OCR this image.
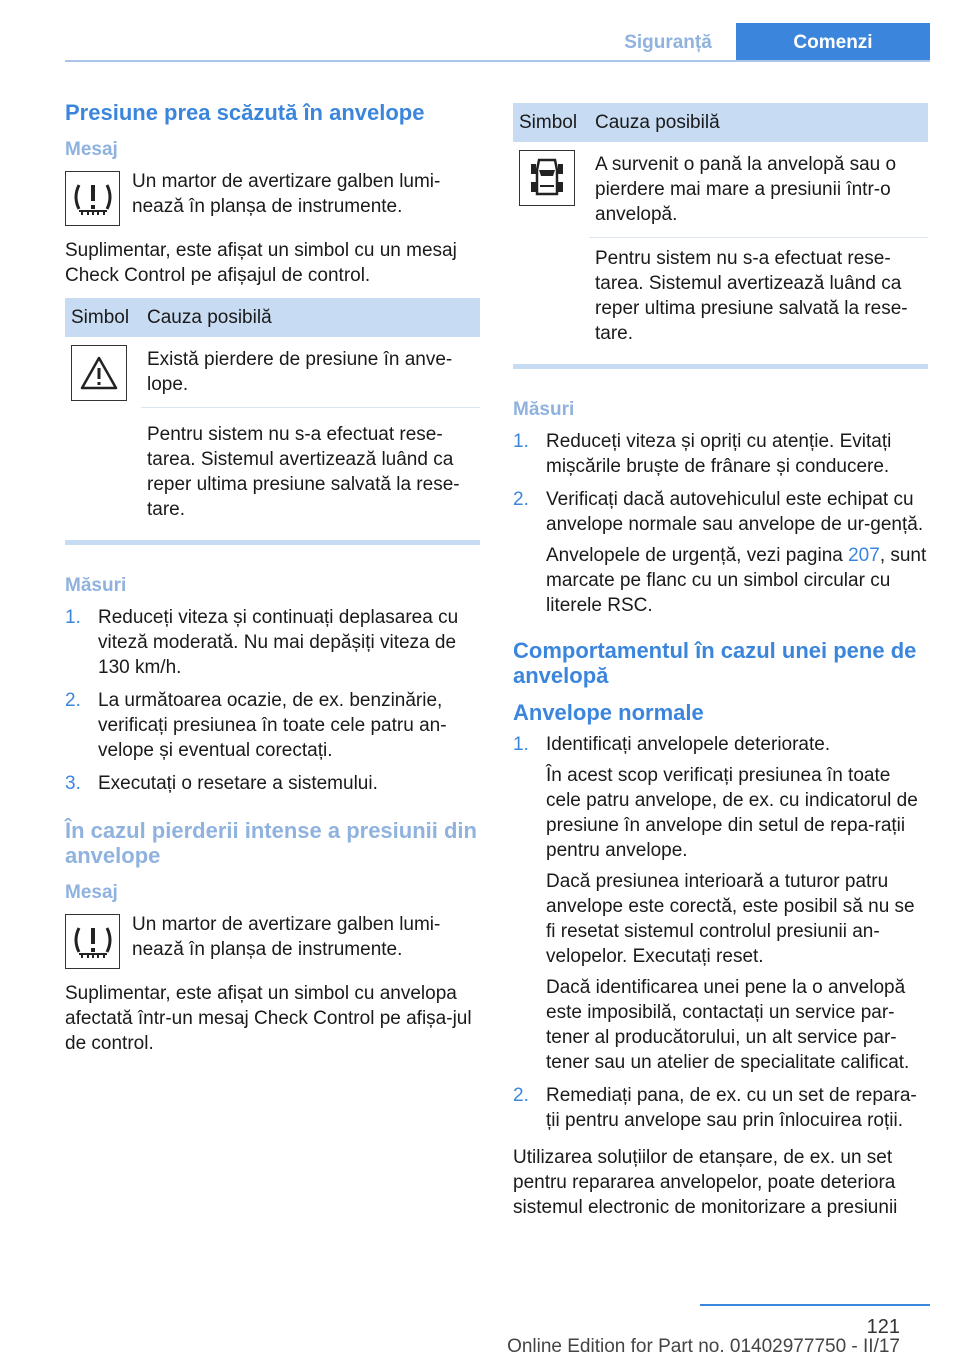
Siguranță	Comenzi
Presiune prea scăzută în anvelope
Mesaj
Un martor de avertizare galben lumi-nează în planșa de instrumente.

Suplimentar, este afișat un simbol cu un mesaj Check Control pe afișajul de control.

Simbol	Cauza posibilă

	Există pierdere de presiune în anve-lope.
	Pentru sistem nu s-a efectuat rese-tarea. Sistemul avertizează luând ca reper ultima presiune salvată la rese-tare.
Măsuri
1. Reduceți viteza și continuați deplasarea cu viteză moderată. Nu mai depășiți viteza de 130 km/h.
2. La următoarea ocazie, de ex. benzinărie, verificați presiunea în toate cele patru an-velope și eventual corectați.
3. Executați o resetare a sistemului.
În cazul pierderii intense a presiunii din anvelope
Mesaj
Un martor de avertizare galben lumi-nează în planșa de instrumente.

Suplimentar, este afișat un simbol cu anvelopa afectată într-un mesaj Check Control pe afișa-jul de control.

Simbol	Cauza posibilă

	A survenit o pană la anvelopă sau o pierdere mai mare a presiunii într-o anvelopă.
	Pentru sistem nu s-a efectuat rese-tarea. Sistemul avertizează luând ca reper ultima presiune salvată la rese-tare.
Măsuri
1. Reduceți viteza și opriți cu atenție. Evitați mișcările bruște de frânare și conducere.
2. Verificați dacă autovehiculul este echipat cu anvelope normale sau anvelope de ur-gență.

Anvelopele de urgență, vezi pagina 207, sunt marcate pe flanc cu un simbol circular cu literele RSC.

Comportamentul în cazul unei pene de anvelopă
Anvelope normale
1. Identificați anvelopele deteriorate.

În acest scop verificați presiunea în toate cele patru anvelope, de ex. cu indicatorul de presiune în anvelope din setul de repa-rații pentru anvelope.

Dacă presiunea interioară a tuturor patru anvelope este corectă, este posibil să nu se fi resetat sistemul controlul presiunii an-velopelor. Executați reset.

Dacă identificarea unei pene la o anvelopă este imposibilă, contactați un service par-tener al producătorului, un alt service par-tener sau un atelier de specialitate calificat.

2. Remediați pana, de ex. cu un set de repara-ții pentru anvelope sau prin înlocuirea roții.

Utilizarea soluțiilor de etanșare, de ex. un set pentru repararea anvelopelor, poate deteriora sistemul electronic de monitorizare a presiunii

121
Online Edition for Part no. 01402977750 - II/17
